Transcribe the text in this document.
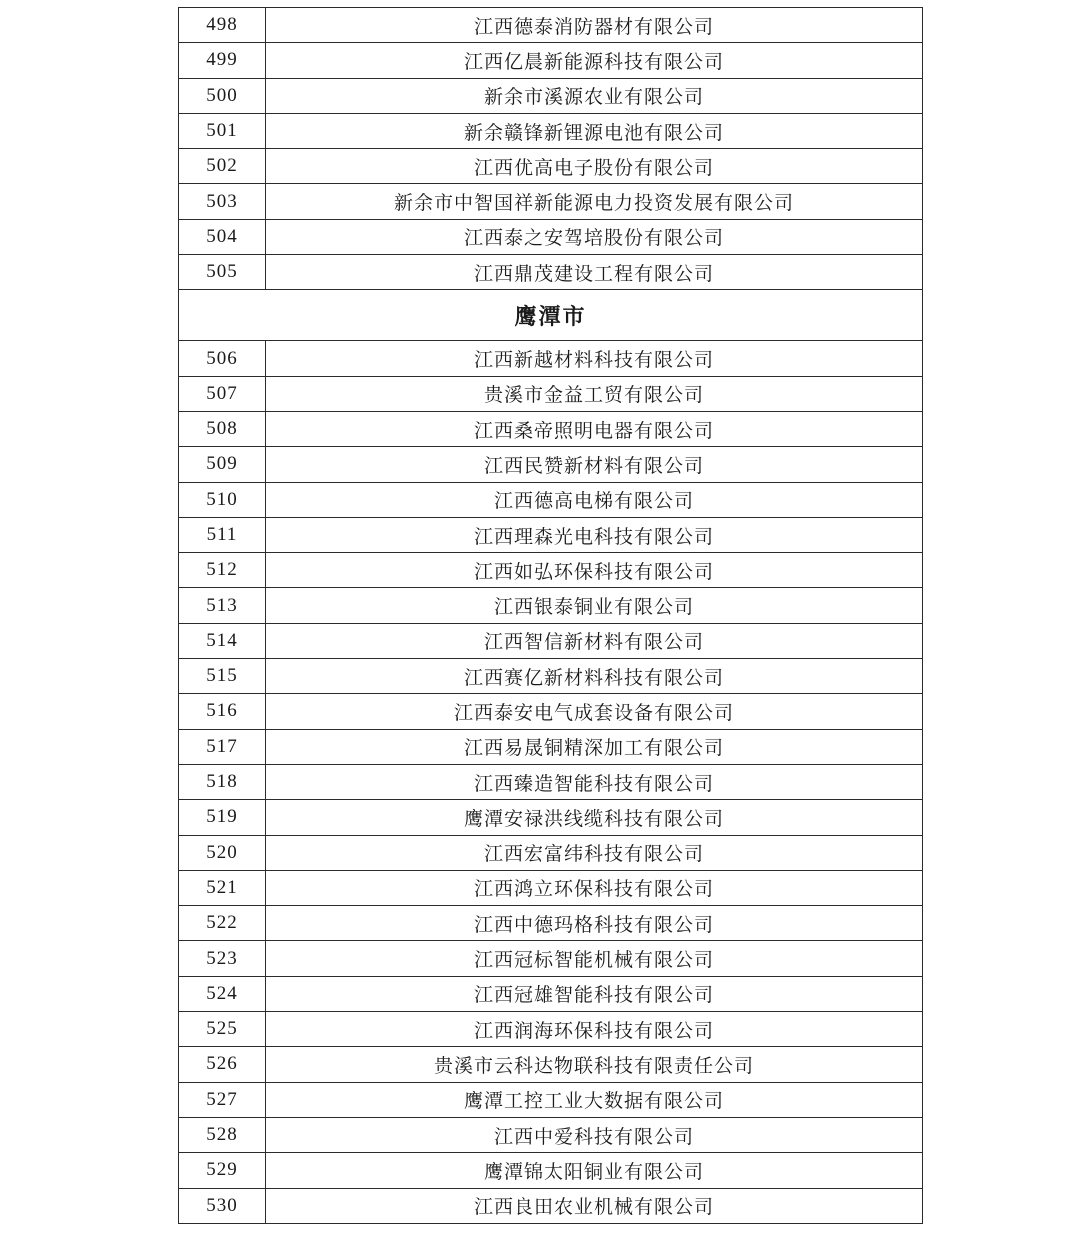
498	江西德泰消防器材有限公司
499	江西亿晨新能源科技有限公司
500	新余市溪源农业有限公司
501	新余赣锋新锂源电池有限公司
502	江西优高电子股份有限公司
503	新余市中智国祥新能源电力投资发展有限公司
504	江西泰之安驾培股份有限公司
505	江西鼎茂建设工程有限公司
鹰潭市	
506	江西新越材料科技有限公司
507	贵溪市金益工贸有限公司
508	江西桑帝照明电器有限公司
509	江西民赞新材料有限公司
510	江西德高电梯有限公司
511	江西理森光电科技有限公司
512	江西如弘环保科技有限公司
513	江西银泰铜业有限公司
514	江西智信新材料有限公司
515	江西赛亿新材料科技有限公司
516	江西泰安电气成套设备有限公司
517	江西易晟铜精深加工有限公司
518	江西臻造智能科技有限公司
519	鹰潭安禄洪线缆科技有限公司
520	江西宏富纬科技有限公司
521	江西鸿立环保科技有限公司
522	江西中德玛格科技有限公司
523	江西冠标智能机械有限公司
524	江西冠雄智能科技有限公司
525	江西润海环保科技有限公司
526	贵溪市云科达物联科技有限责任公司
527	鹰潭工控工业大数据有限公司
528	江西中爱科技有限公司
529	鹰潭锦太阳铜业有限公司
530	江西良田农业机械有限公司
